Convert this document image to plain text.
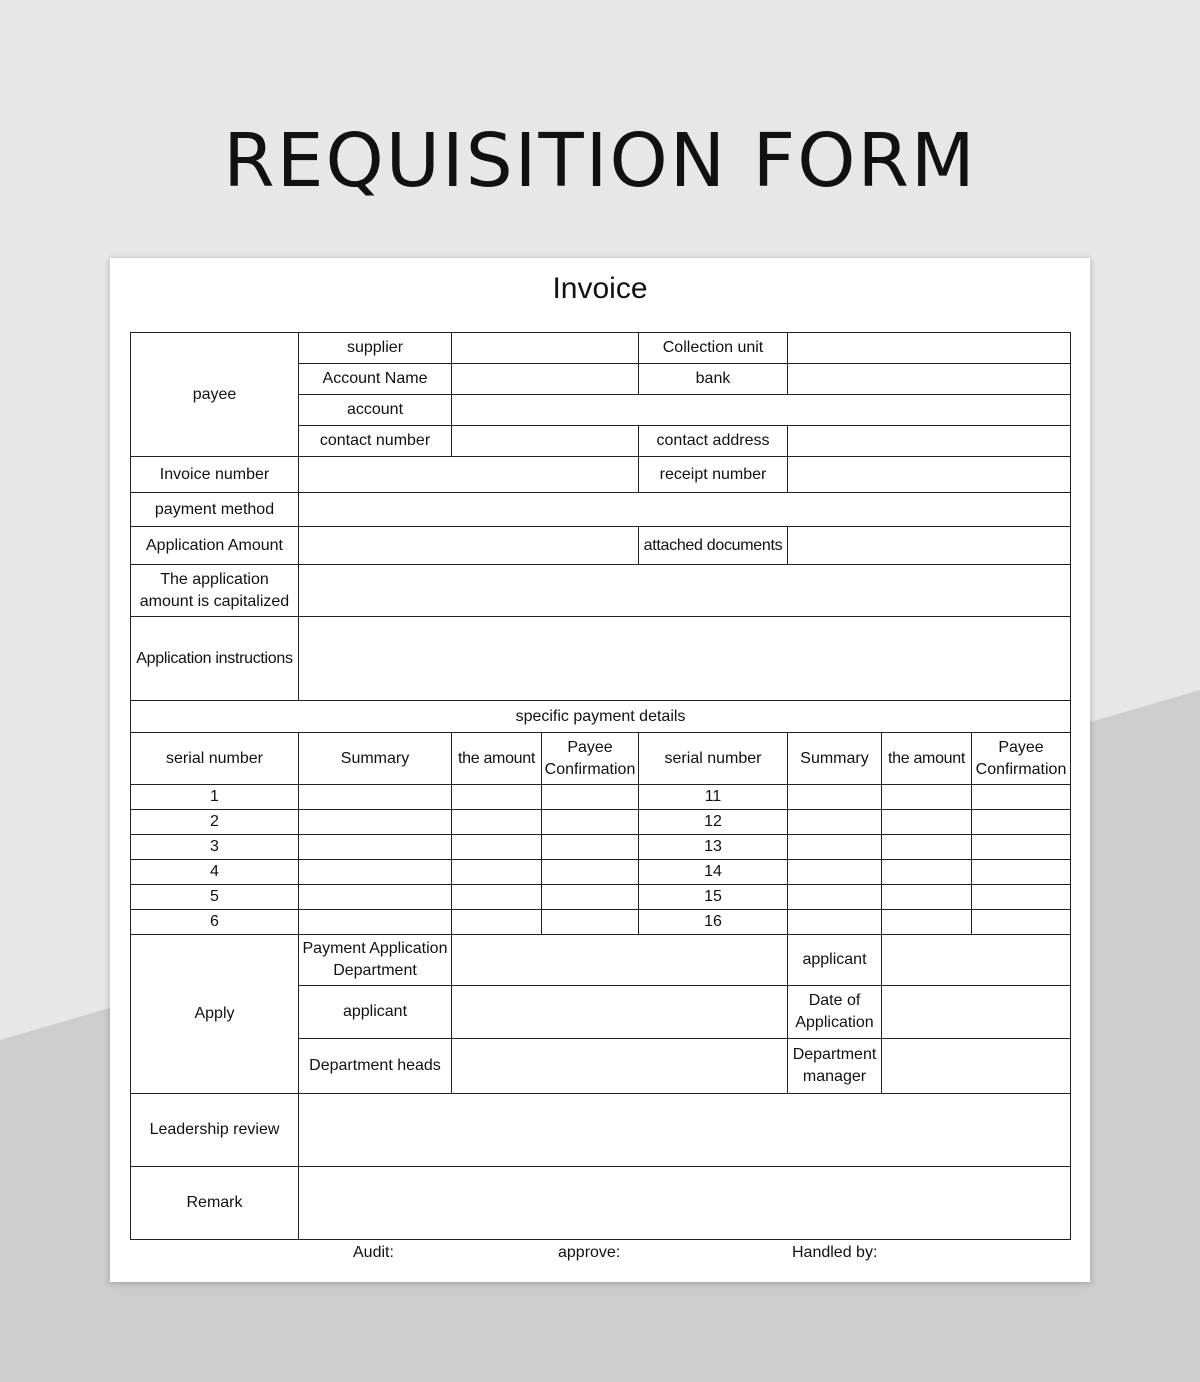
REQUISITION FORM
Invoice
payee	supplier			Collection unit			
	Account Name			bank			
	account						
	contact number			contact address			
Invoice number				receipt number			
payment method							
Application Amount				attached documents			
The application amount is capitalized							
Application instructions							
specific payment details							
serial number	Summary	the amount	Payee Confirmation	serial number	Summary	the amount	Payee Confirmation
1				11			
2				12			
3				13			
4				14			
5				15			
6				16			
Apply	Payment Application Department				applicant		
	applicant				Date of Application		
	Department heads				Department manager		
Leadership review							
Remark							
Audit:	approve:	Handled by:
